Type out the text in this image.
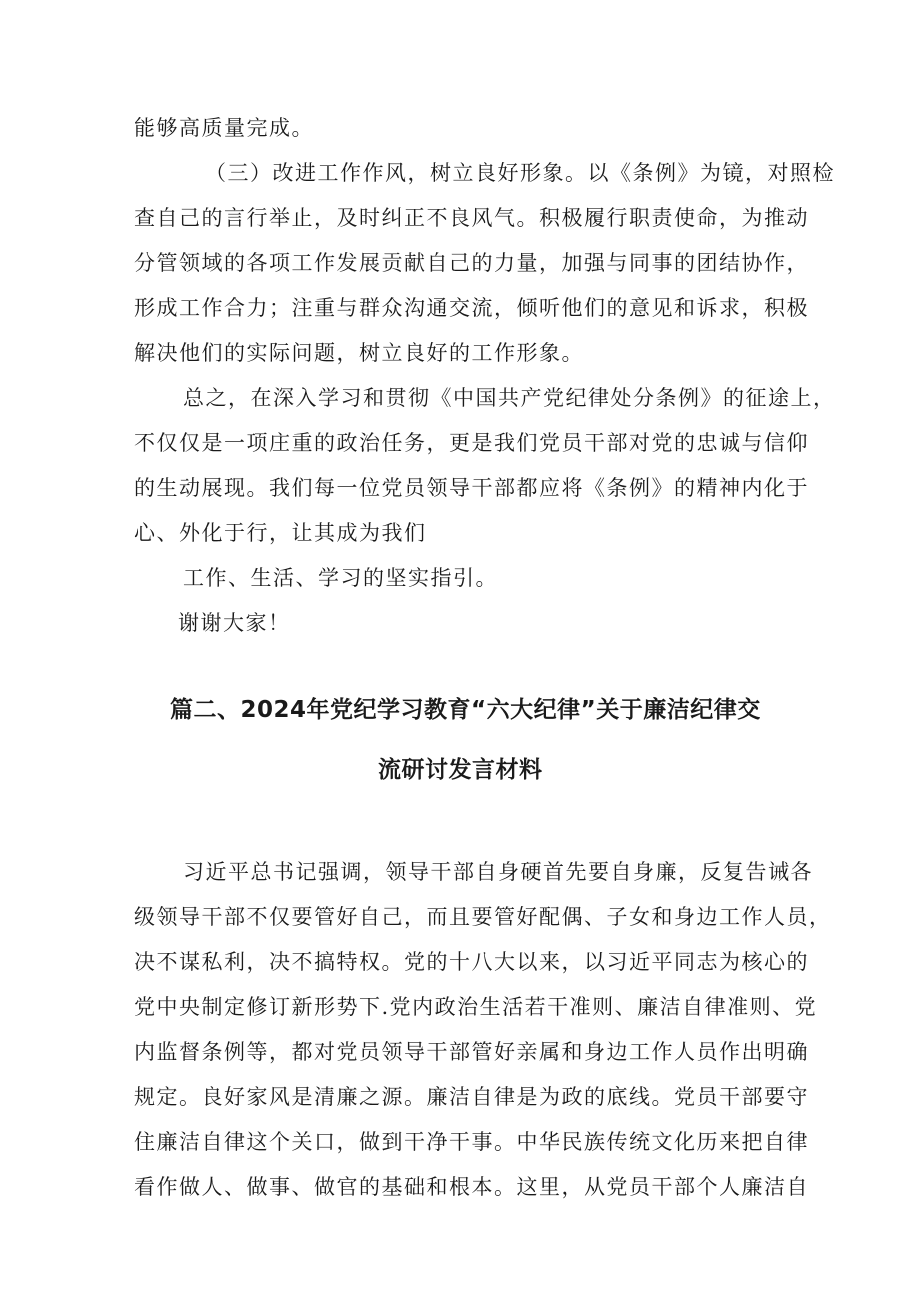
能够高质量完成。
（三）改进工作作风，树立良好形象。以《条例》为镜，对照检
查自己的言行举止，及时纠正不良风气。积极履行职责使命，为推动
分管领域的各项工作发展贡献自己的力量，加强与同事的团结协作，
形成工作合力；注重与群众沟通交流，倾听他们的意见和诉求，积极
解决他们的实际问题，树立良好的工作形象。
总之，在深入学习和贯彻《中国共产党纪律处分条例》的征途上，
不仅仅是一项庄重的政治任务，更是我们党员干部对党的忠诚与信仰
的生动展现。我们每一位党员领导干部都应将《条例》的精神内化于
心、外化于行，让其成为我们
工作、生活、学习的坚实指引。
谢谢大家！
篇二、2024年党纪学习教育“六大纪律”关于廉洁纪律交
流研讨发言材料
习近平总书记强调，领导干部自身硬首先要自身廉，反复告诫各
级领导干部不仅要管好自己，而且要管好配偶、子女和身边工作人员，
决不谋私利，决不搞特权。党的十八大以来，以习近平同志为核心的
党中央制定修订新形势下.党内政治生活若干准则、廉洁自律准则、党
内监督条例等，都对党员领导干部管好亲属和身边工作人员作出明确
规定。良好家风是清廉之源。廉洁自律是为政的底线。党员干部要守
住廉洁自律这个关口，做到干净干事。中华民族传统文化历来把自律
看作做人、做事、做官的基础和根本。这里，从党员干部个人廉洁自
